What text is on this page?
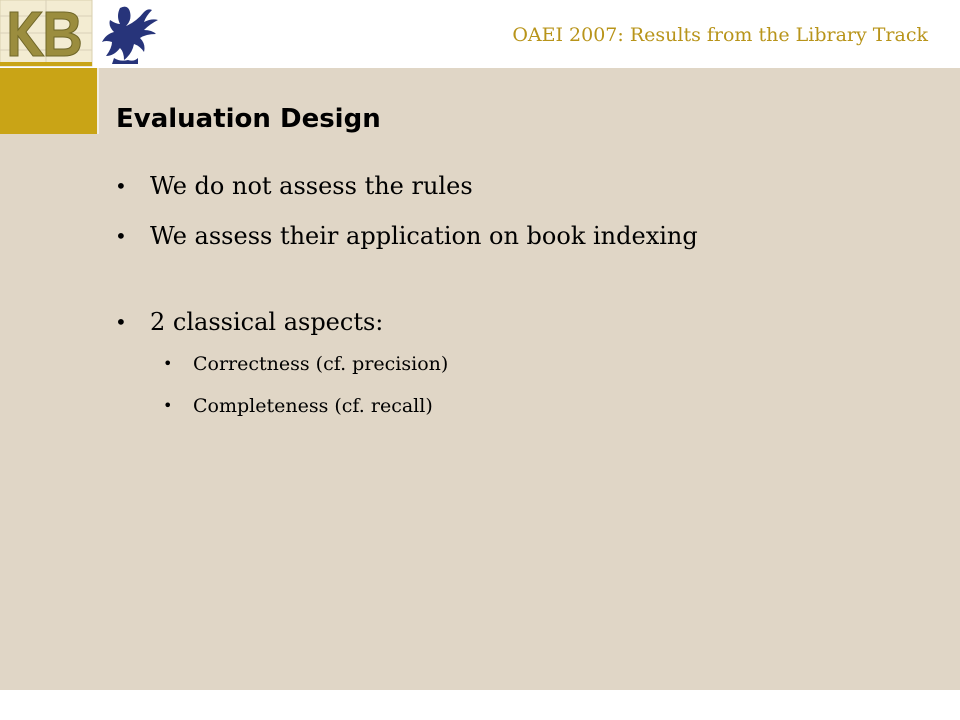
OAEI 2007: Results from the Library Track
Evaluation Design
• We do not assess the rules
• We assess their application on book indexing
• 2 classical aspects:
• Correctness (cf. precision)
• Completeness (cf. recall)
